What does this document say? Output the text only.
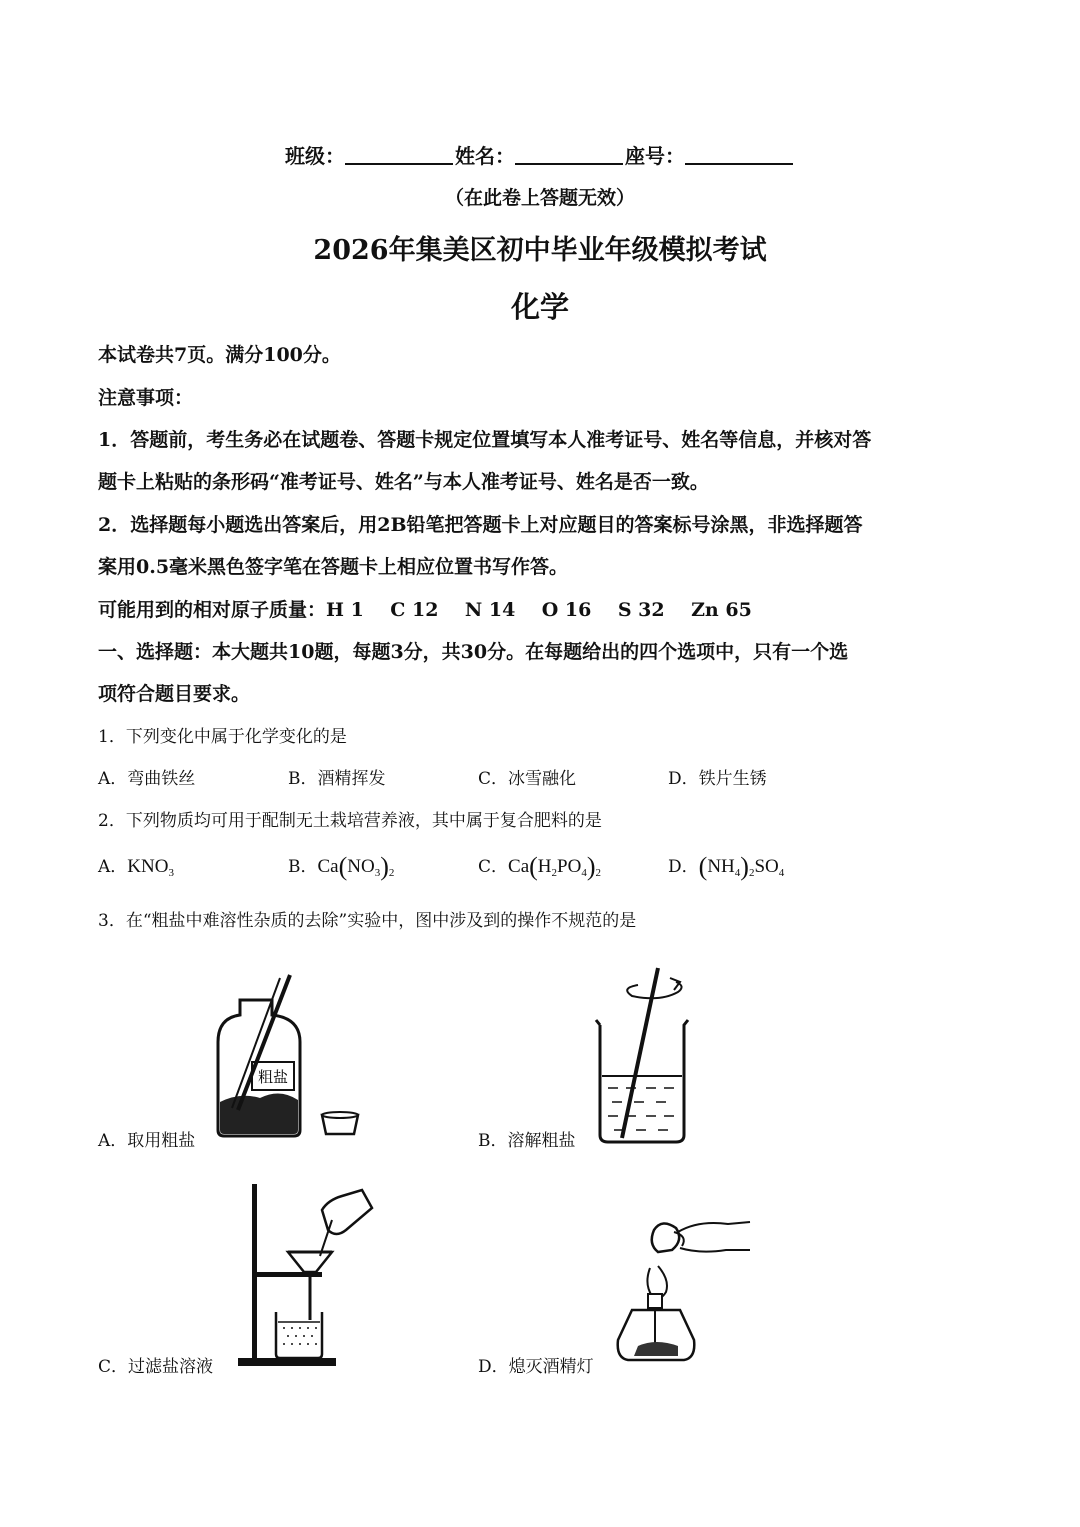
班级：	姓名：	座号：
（在此卷上答题无效）
2026年集美区初中毕业年级模拟考试
化学
本试卷共7页。满分100分。
注意事项：
1．答题前，考生务必在试题卷、答题卡规定位置填写本人准考证号、姓名等信息，并核对答
题卡上粘贴的条形码“准考证号、姓名”与本人准考证号、姓名是否一致。
2．选择题每小题选出答案后，用2B铅笔把答题卡上对应题目的答案标号涂黑，非选择题答
案用0.5毫米黑色签字笔在答题卡上相应位置书写作答。
可能用到的相对原子质量：H 1    C 12    N 14    O 16    S 32    Zn 65
一、选择题：本大题共10题，每题3分，共30分。在每题给出的四个选项中，只有一个选
项符合题目要求。
1．下列变化中属于化学变化的是
A．弯曲铁丝	B．酒精挥发	C．冰雪融化	D．铁片生锈
2．下列物质均可用于配制无土栽培营养液，其中属于复合肥料的是
A．$KNO_3$	B．$Ca(NO_3)_2$	C．$Ca(H_2PO_4)_2$	D．$(NH_4)_2SO_4$
3．在“粗盐中难溶性杂质的去除”实验中，图中涉及到的操作不规范的是
粗盐
A．取用粗盐	B．溶解粗盐
C．过滤盐溶液	D．熄灭酒精灯
